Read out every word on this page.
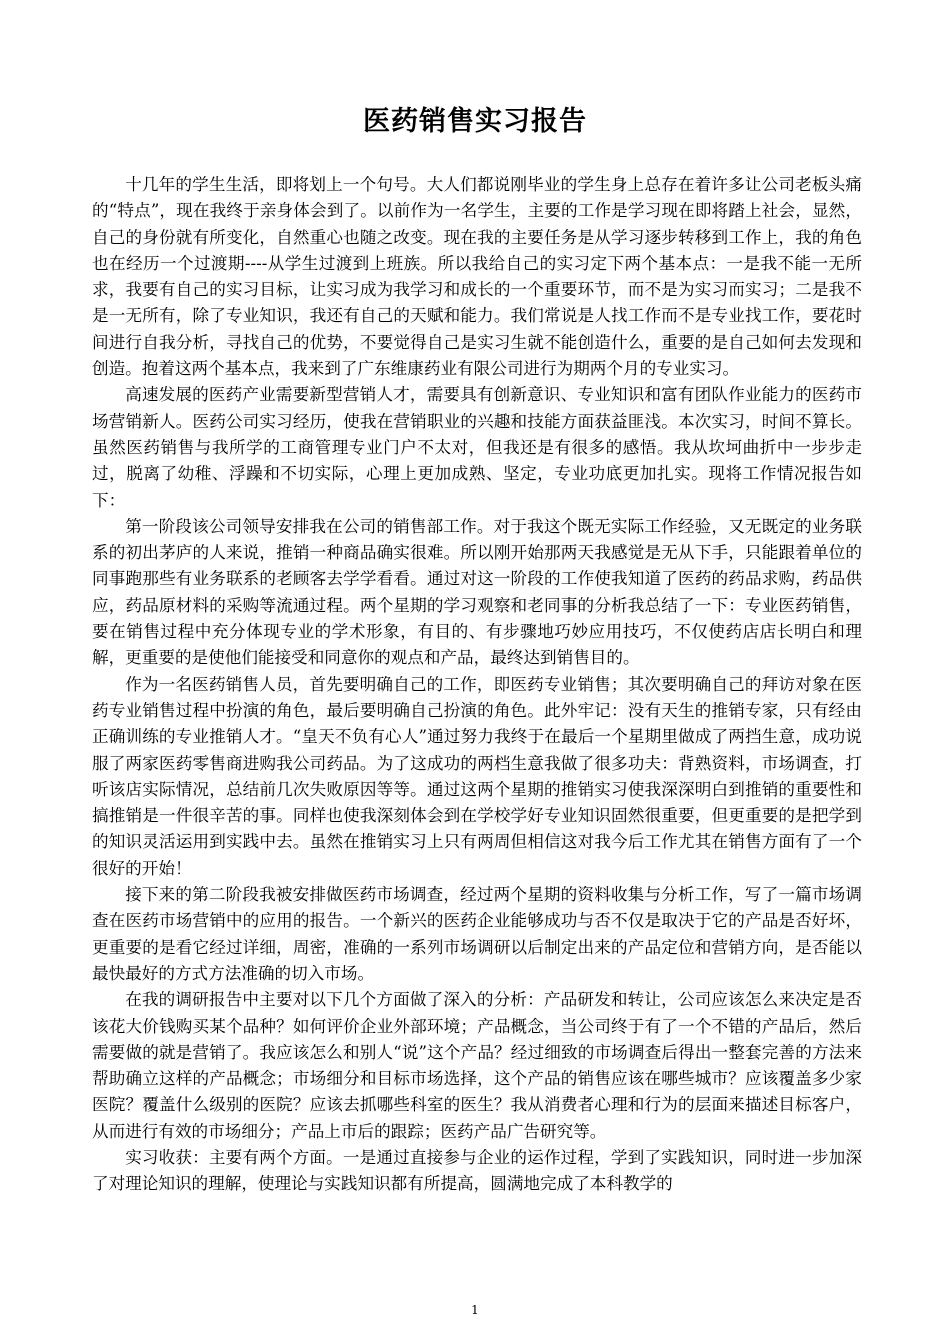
医药销售实习报告

十几年的学生生活，即将划上一个句号。大人们都说刚毕业的学生身上总存在着许多让公司老板头痛的“特点”，现在我终于亲身体会到了。以前作为一名学生，主要的工作是学习现在即将踏上社会，显然，自己的身份就有所变化，自然重心也随之改变。现在我的主要任务是从学习逐步转移到工作上，我的角色也在经历一个过渡期----从学生过渡到上班族。所以我给自己的实习定下两个基本点：一是我不能一无所求，我要有自己的实习目标，让实习成为我学习和成长的一个重要环节，而不是为实习而实习；二是我不是一无所有，除了专业知识，我还有自己的天赋和能力。我们常说是人找工作而不是专业找工作，要花时间进行自我分析，寻找自己的优势，不要觉得自己是实习生就不能创造什么，重要的是自己如何去发现和创造。抱着这两个基本点，我来到了广东维康药业有限公司进行为期两个月的专业实习。

高速发展的医药产业需要新型营销人才，需要具有创新意识、专业知识和富有团队作业能力的医药市场营销新人。医药公司实习经历，使我在营销职业的兴趣和技能方面获益匪浅。本次实习，时间不算长。虽然医药销售与我所学的工商管理专业门户不太对，但我还是有很多的感悟。我从坎坷曲折中一步步走过，脱离了幼稚、浮躁和不切实际，心理上更加成熟、坚定，专业功底更加扎实。现将工作情况报告如下：

第一阶段该公司领导安排我在公司的销售部工作。对于我这个既无实际工作经验，又无既定的业务联系的初出茅庐的人来说，推销一种商品确实很难。所以刚开始那两天我感觉是无从下手，只能跟着单位的同事跑那些有业务联系的老顾客去学学看看。通过对这一阶段的工作使我知道了医药的药品求购，药品供应，药品原材料的采购等流通过程。两个星期的学习观察和老同事的分析我总结了一下：专业医药销售，要在销售过程中充分体现专业的学术形象，有目的、有步骤地巧妙应用技巧，不仅使药店店长明白和理解，更重要的是使他们能接受和同意你的观点和产品，最终达到销售目的。

作为一名医药销售人员，首先要明确自己的工作，即医药专业销售；其次要明确自己的拜访对象在医药专业销售过程中扮演的角色，最后要明确自己扮演的角色。此外牢记：没有天生的推销专家，只有经由正确训练的专业推销人才。“皇天不负有心人”通过努力我终于在最后一个星期里做成了两挡生意，成功说服了两家医药零售商进购我公司药品。为了这成功的两档生意我做了很多功夫：背熟资料，市场调查，打听该店实际情况，总结前几次失败原因等等。通过这两个星期的推销实习使我深深明白到推销的重要性和搞推销是一件很辛苦的事。同样也使我深刻体会到在学校学好专业知识固然很重要，但更重要的是把学到的知识灵活运用到实践中去。虽然在推销实习上只有两周但相信这对我今后工作尤其在销售方面有了一个很好的开始！

接下来的第二阶段我被安排做医药市场调查，经过两个星期的资料收集与分析工作，写了一篇市场调查在医药市场营销中的应用的报告。一个新兴的医药企业能够成功与否不仅是取决于它的产品是否好坏，更重要的是看它经过详细，周密，准确的一系列市场调研以后制定出来的产品定位和营销方向，是否能以最快最好的方式方法准确的切入市场。

在我的调研报告中主要对以下几个方面做了深入的分析：产品研发和转让，公司应该怎么来决定是否该花大价钱购买某个品种？如何评价企业外部环境；产品概念，当公司终于有了一个不错的产品后，然后需要做的就是营销了。我应该怎么和别人“说”这个产品？经过细致的市场调查后得出一整套完善的方法来帮助确立这样的产品概念；市场细分和目标市场选择，这个产品的销售应该在哪些城市？应该覆盖多少家医院？覆盖什么级别的医院？应该去抓哪些科室的医生？我从消费者心理和行为的层面来描述目标客户，从而进行有效的市场细分；产品上市后的跟踪；医药产品广告研究等。

实习收获：主要有两个方面。一是通过直接参与企业的运作过程，学到了实践知识，同时进一步加深了对理论知识的理解，使理论与实践知识都有所提高，圆满地完成了本科教学的

1
